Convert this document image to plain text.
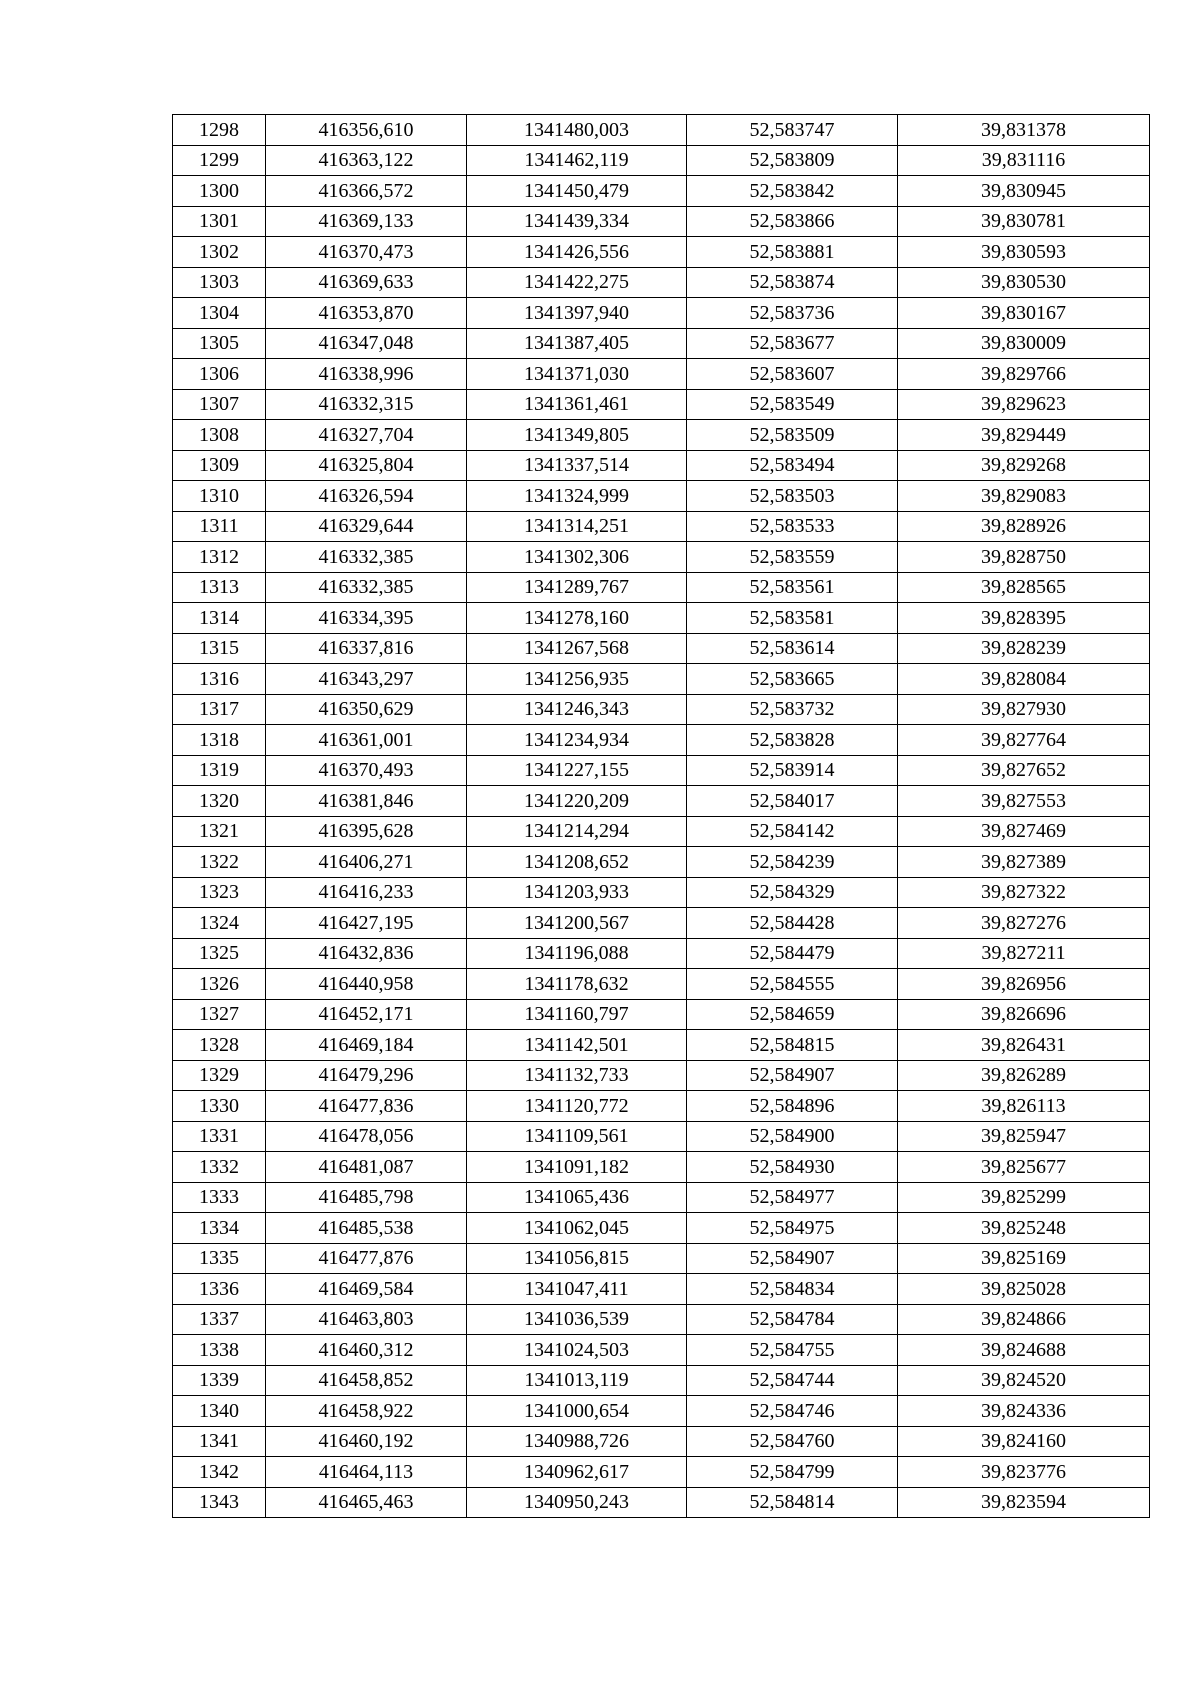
1298	416356,610	1341480,003	52,583747	39,831378
1299	416363,122	1341462,119	52,583809	39,831116
1300	416366,572	1341450,479	52,583842	39,830945
1301	416369,133	1341439,334	52,583866	39,830781
1302	416370,473	1341426,556	52,583881	39,830593
1303	416369,633	1341422,275	52,583874	39,830530
1304	416353,870	1341397,940	52,583736	39,830167
1305	416347,048	1341387,405	52,583677	39,830009
1306	416338,996	1341371,030	52,583607	39,829766
1307	416332,315	1341361,461	52,583549	39,829623
1308	416327,704	1341349,805	52,583509	39,829449
1309	416325,804	1341337,514	52,583494	39,829268
1310	416326,594	1341324,999	52,583503	39,829083
1311	416329,644	1341314,251	52,583533	39,828926
1312	416332,385	1341302,306	52,583559	39,828750
1313	416332,385	1341289,767	52,583561	39,828565
1314	416334,395	1341278,160	52,583581	39,828395
1315	416337,816	1341267,568	52,583614	39,828239
1316	416343,297	1341256,935	52,583665	39,828084
1317	416350,629	1341246,343	52,583732	39,827930
1318	416361,001	1341234,934	52,583828	39,827764
1319	416370,493	1341227,155	52,583914	39,827652
1320	416381,846	1341220,209	52,584017	39,827553
1321	416395,628	1341214,294	52,584142	39,827469
1322	416406,271	1341208,652	52,584239	39,827389
1323	416416,233	1341203,933	52,584329	39,827322
1324	416427,195	1341200,567	52,584428	39,827276
1325	416432,836	1341196,088	52,584479	39,827211
1326	416440,958	1341178,632	52,584555	39,826956
1327	416452,171	1341160,797	52,584659	39,826696
1328	416469,184	1341142,501	52,584815	39,826431
1329	416479,296	1341132,733	52,584907	39,826289
1330	416477,836	1341120,772	52,584896	39,826113
1331	416478,056	1341109,561	52,584900	39,825947
1332	416481,087	1341091,182	52,584930	39,825677
1333	416485,798	1341065,436	52,584977	39,825299
1334	416485,538	1341062,045	52,584975	39,825248
1335	416477,876	1341056,815	52,584907	39,825169
1336	416469,584	1341047,411	52,584834	39,825028
1337	416463,803	1341036,539	52,584784	39,824866
1338	416460,312	1341024,503	52,584755	39,824688
1339	416458,852	1341013,119	52,584744	39,824520
1340	416458,922	1341000,654	52,584746	39,824336
1341	416460,192	1340988,726	52,584760	39,824160
1342	416464,113	1340962,617	52,584799	39,823776
1343	416465,463	1340950,243	52,584814	39,823594
